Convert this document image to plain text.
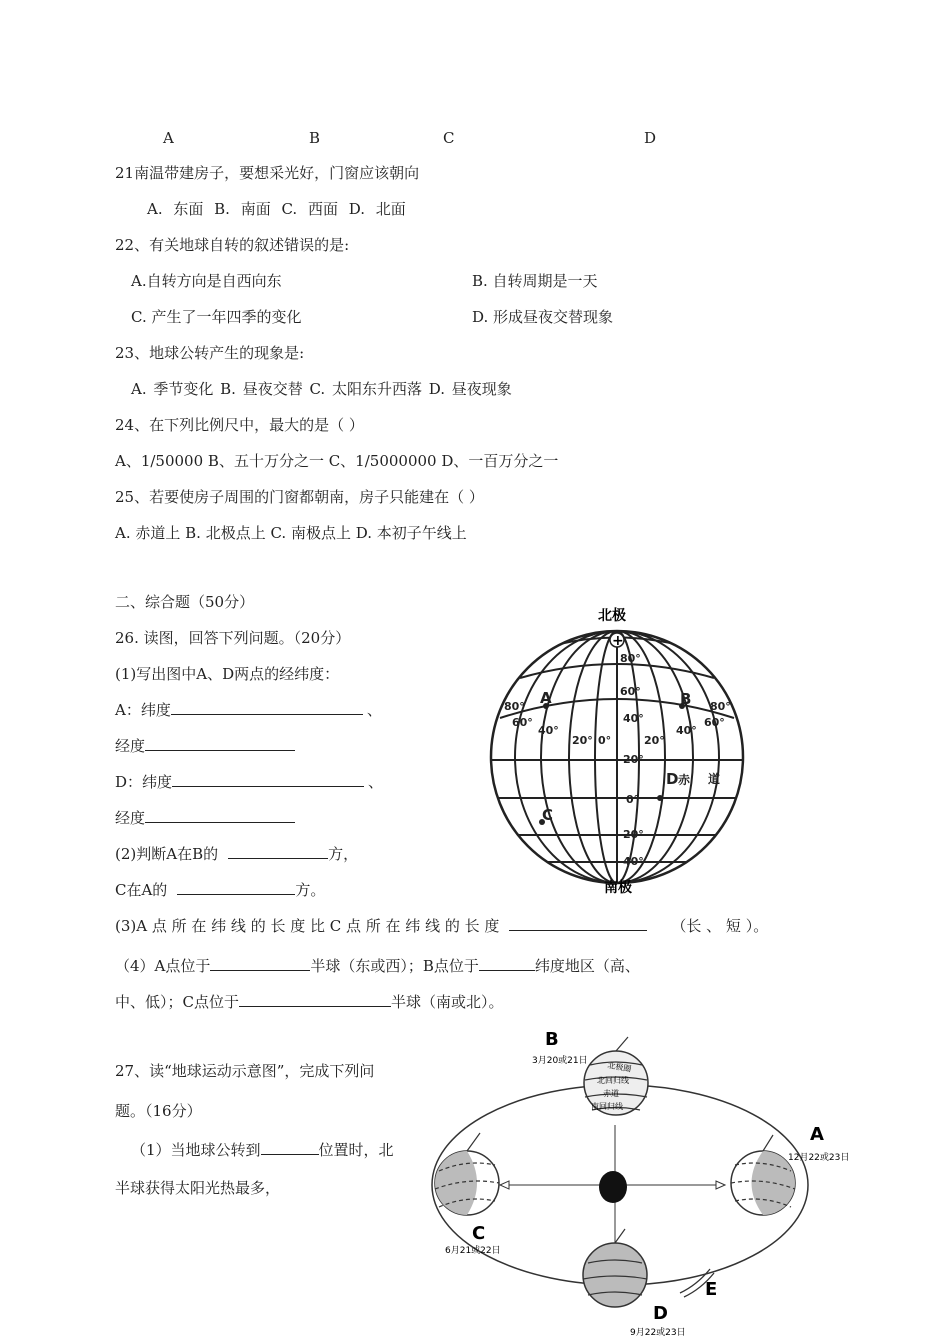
A	B	C	D
21南温带建房子，要想采光好，门窗应该朝向
A. 东面 B. 南面 C. 西面 D. 北面
22、有关地球自转的叙述错误的是:
A.自转方向是自西向东	B. 自转周期是一天
C. 产生了一年四季的变化	D. 形成昼夜交替现象
23、地球公转产生的现象是:
A. 季节变化 B. 昼夜交替 C. 太阳东升西落 D. 昼夜现象
24、在下列比例尺中，最大的是（ ）
A、1/50000 B、五十万分之一 C、1/5000000 D、一百万分之一
25、若要使房子周围的门窗都朝南，房子只能建在（ ）
A. 赤道上 B. 北极点上 C. 南极点上 D. 本初子午线上
二、综合题（50分）
26. 读图，回答下列问题。（20分）
(1)写出图中A、D两点的经纬度：
A：纬度	、
经度
D：纬度	、
经度
(2)判断A在B的	方，
C在A的	方。
(3)A 点 所 在 纬 线 的 长 度 比 C 点 所 在 纬 线 的 长 度	（长 、 短 ）。
（4）A点位于	半球（东或西）；B点位于	纬度地区（高、
中、低）；C点位于	半球（南或北）。
+
北极
南极
80°
60°
40°
20°
0°
20°
40°
80°
60°
40°
20° 0°	20°
40°
60°
80°
A	B
C
D 赤 道
27、读“地球运动示意图”，完成下列问
题。（16分）
（1）当地球公转到	位置时，北
半球获得太阳光热最多，
北极圈
北回归线
赤道
南回归线
B
3月20或21日
A
12月22或23日
C
6月21或22日
D
9月22或23日
E
